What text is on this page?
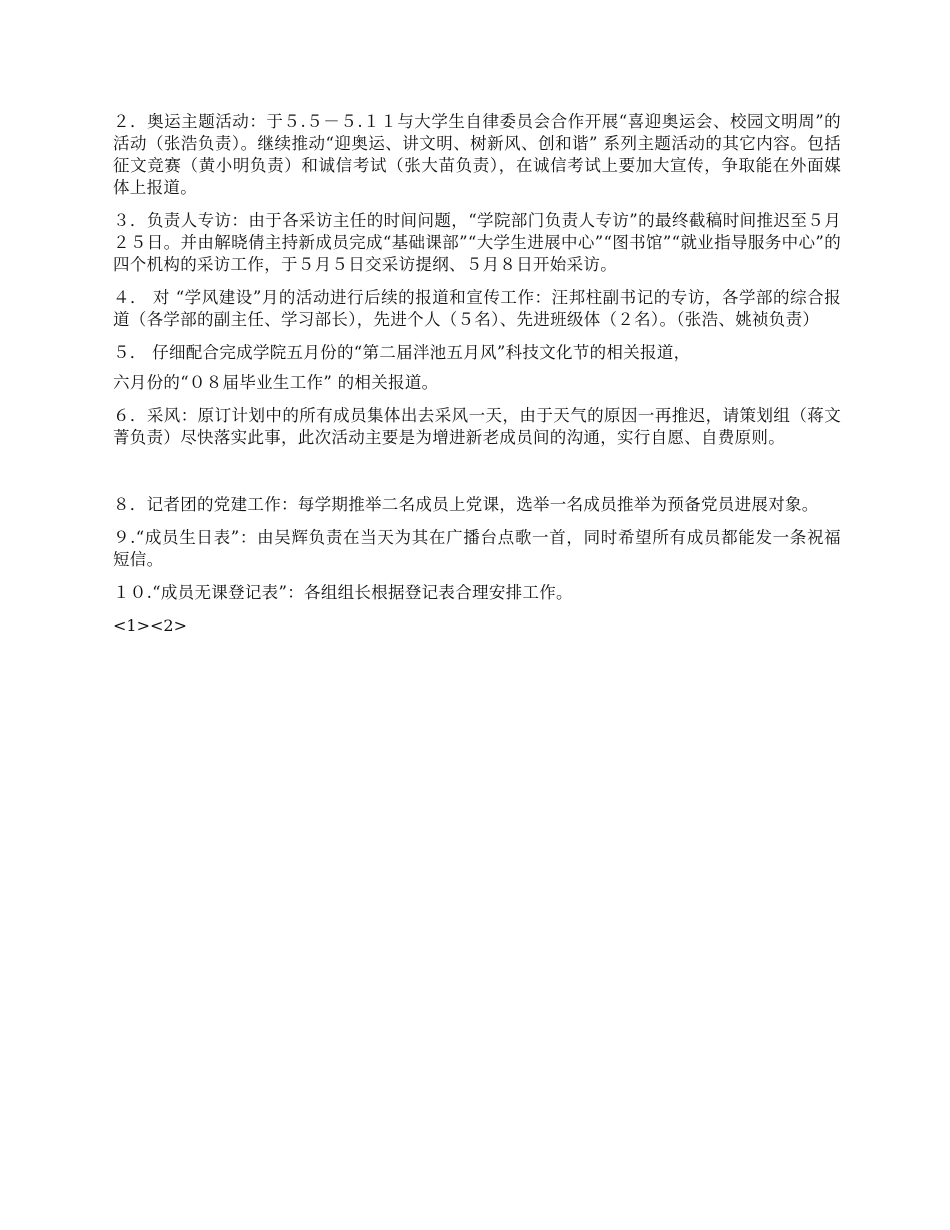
２．奥运主题活动：于５.５－５.１１与大学生自律委员会合作开展“喜迎奥运会、校园文明周”的活动（张浩负责）。继续推动“迎奥运、讲文明、树新风、创和谐” 系列主题活动的其它内容。包括征文竞赛（黄小明负责）和诚信考试（张大苗负责），在诚信考试上要加大宣传，争取能在外面媒体上报道。

３．负责人专访：由于各采访主任的时间问题，“学院部门负责人专访”的最终截稿时间推迟至５月２５日。并由解晓倩主持新成员完成“基础课部”“大学生进展中心”“图书馆”“就业指导服务中心”的四个机构的采访工作，于５月５日交采访提纲、５月８日开始采访。

４． 对 “学风建设”月的活动进行后续的报道和宣传工作：汪邦柱副书记的专访，各学部的综合报道（各学部的副主任、学习部长），先进个人（５名）、先进班级体（２名）。（张浩、姚祯负责）

５． 仔细配合完成学院五月份的“第二届泮池五月风”科技文化节的相关报道，

六月份的“０８届毕业生工作” 的相关报道。

６．采风：原订计划中的所有成员集体出去采风一天，由于天气的原因一再推迟，请策划组（蒋文菁负责）尽快落实此事，此次活动主要是为增进新老成员间的沟通，实行自愿、自费原则。

８．记者团的党建工作：每学期推举二名成员上党课，选举一名成员推举为预备党员进展对象。

９.“成员生日表”：由吴辉负责在当天为其在广播台点歌一首，同时希望所有成员都能发一条祝福短信。

１０.“成员无课登记表”：各组组长根据登记表合理安排工作。

<1><2>
